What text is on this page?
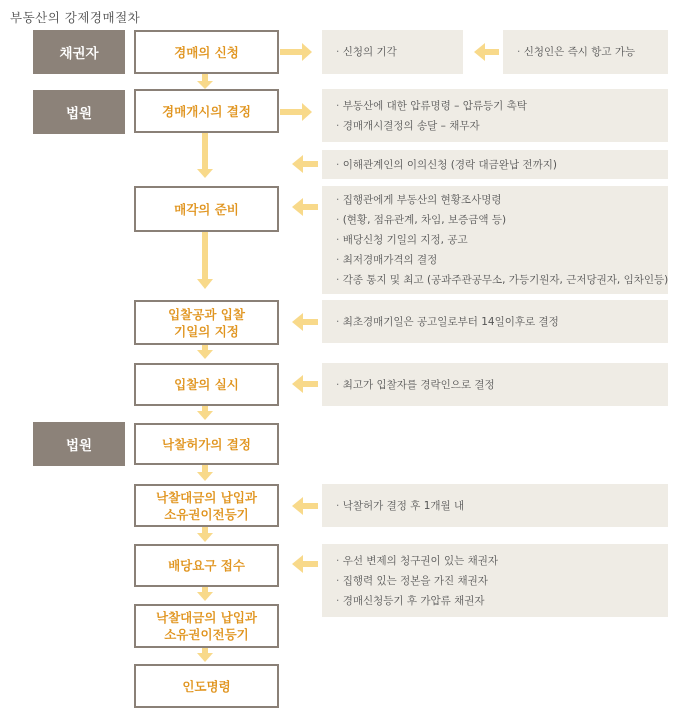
부동산의 강제경매절차
채권자
법원
법원
경매의 신청
경매개시의 결정
매각의 준비
입찰공과 입찰
기일의 지정
입찰의 실시
낙찰허가의 결정
낙찰대금의 납입과
소유권이전등기
배당요구 접수
낙찰대금의 납입과
소유권이전등기
인도명령
· 신청의 기각
·	신청인은 즉시 항고 가능
· 부동산에 대한 압류명령 – 압류등기 촉탁
· 경매개시결정의 송달 – 채무자
· 이해관계인의 이의신청 (경락 대금완납 전까지)
· 집행관에게 부동산의 현황조사명령
· (현황, 점유관계, 차임, 보증금액 등)
· 배당신청 기일의 지정, 공고
· 최저경매가격의 결정
· 각종 통지 및 최고 (공과주관공무소, 가등기원자, 근저당권자, 임차인등)
· 최초경매기일은 공고일로부터 14일이후로 결정
· 최고가 입찰자를 경락인으로 결정
· 낙찰허가 결정 후 1개월 내
· 우선 변제의 청구권이 있는 채권자
· 집행력 있는 정본을 가진 채권자
· 경매신청등기 후 가압류 채권자
